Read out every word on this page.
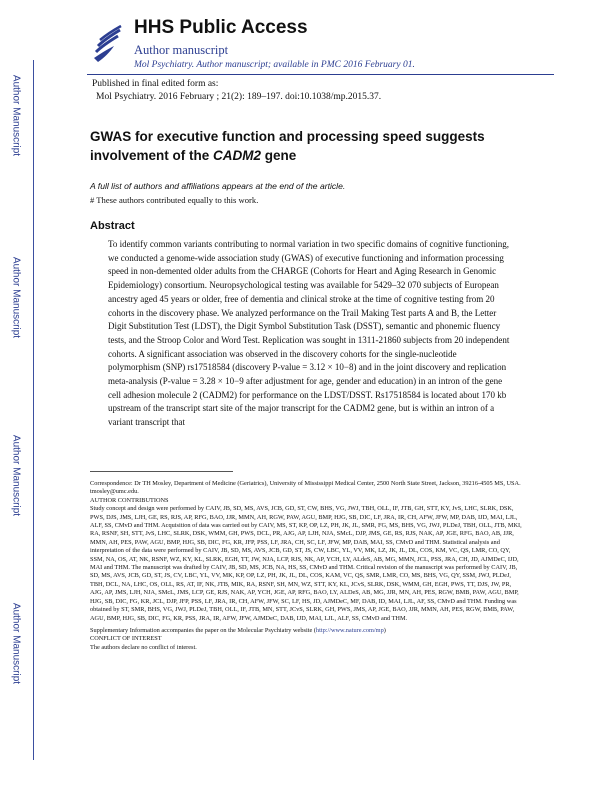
Author Manuscript
Author Manuscript
Author Manuscript
Author Manuscript
HHS Public Access
Author manuscript
Mol Psychiatry. Author manuscript; available in PMC 2016 February 01.
Published in final edited form as:
Mol Psychiatry. 2016 February ; 21(2): 189–197. doi:10.1038/mp.2015.37.
GWAS for executive function and processing speed suggests
involvement of the CADM2 gene
A full list of authors and affiliations appears at the end of the article.
# These authors contributed equally to this work.
Abstract

To identify common variants contributing to normal variation in two specific domains of cognitive functioning, we conducted a genome-wide association study (GWAS) of executive functioning and information processing speed in non-demented older adults from the CHARGE (Cohorts for Heart and Aging Research in Genomic Epidemiology) consortium. Neuropsychological testing was available for 5429–32 070 subjects of European ancestry aged 45 years or older, free of dementia and clinical stroke at the time of cognitive testing from 20 cohorts in the discovery phase. We analyzed performance on the Trail Making Test parts A and B, the Letter Digit Substitution Test (LDST), the Digit Symbol Substitution Task (DSST), semantic and phonemic fluency tests, and the Stroop Color and Word Test. Replication was sought in 1311-21860 subjects from 20 independent cohorts. A significant association was observed in the discovery cohorts for the single-nucleotide polymorphism (SNP) rs17518584 (discovery P-value = 3.12 × 10−8) and in the joint discovery and replication meta-analysis (P-value = 3.28 × 10−9 after adjustment for age, gender and education) in an intron of the gene cell adhesion molecule 2 (CADM2) for performance on the LDST/DSST. Rs17518584 is located about 170 kb upstream of the transcript start site of the major transcript for the CADM2 gene, but is within an intron of a variant transcript that

Correspondence: Dr TH Mosley, Department of Medicine (Geriatrics), University of Mississippi Medical Center, 2500 North State Street, Jackson, 39216-4505 MS, USA. tmosley@umc.edu.

AUTHOR CONTRIBUTIONS

Study concept and design were performed by CAIV, JB, SD, MS, AVS, JCB, GD, ST, CW, BHS, VG, JWJ, TBH, OLL, IF, JTB, GH, STT, KY, JvS, LHC, SLRK, DSK, PWS, DJS, JMS, LJH, GE, RS, RJS, AP, RFG, BAO, JJR, MMN, AH, RGW, PAW, AGU, BMP, HJG, SB, DIC, LF, JRA, IR, CH, AFW, JFW, MP, DAB, IJD, MAI, LJL, ALF, SS, CMvD and THM. Acquisition of data was carried out by CAIV, MS, ST, KP, OP, LZ, PH, JK, JL, SMR, FG, MS, BHS, VG, JWJ, PLDeJ, TBH, OLL, JTB, MKI, RA, RSNF, SH, STT, JvS, LHC, SLRK, DSK, WMM, GH, PWS, DCL, PR, AJG, AP, LJH, NJA, SMcL, DJP, JMS, GE, RS, RJS, NAK, AP, JGE, RFG, BAO, AB, JJR, MMN, AH, PES, PAW, AGU, BMP, HJG, SB, DIC, FG, KR, JFP, PSS, LF, JRA, CH, SC, LF, JFW, MP, DAB, MAI, SS, CMvD and THM. Statistical analysis and interpretation of the data were performed by CAIV, JB, SD, MS, AVS, JCB, GD, ST, JS, CW, LBC, YL, VV, MK, LZ, JK, JL, DL, COS, KM, VC, QS, LMR, CO, QY, SSM, NA, OS, AT, NK, RSNF, WZ, KY, KL, SLRK, EGH, TT, JW, NJA, LCP, RJS, NK, AP, YCH, LY, ALdeS, AB, MG, MMN, JCL, PSS, JRA, CH, JD, AJMDeC, IJD, MAI and THM. The manuscript was drafted by CAIV, JB, SD, MS, JCB, NA, HS, SS, CMvD and THM. Critical revision of the manuscript was performed by CAIV, JB, SD, MS, AVS, JCB, GD, ST, JS, CV, LBC, YL, VV, MK, KP, OP, LZ, PH, JK, JL, DL, COS, KAM, VC, QS, SMR, LMR, CO, MS, BHS, VG, QY, SSM, JWJ, PLDeJ, TBH, DCL, NA, LHC, OS, OLL, RS, AT, IF, NK, JTB, MIK, RA, RSNF, SH, MN, WZ, STT, KY, KL, JCvS, SLRK, DSK, WMM, GH, EGH, PWS, TT, DJS, JW, PR, AJG, AP, JMS, LJH, NJA, SMcL, JMS, LCP, GE, RJS, NAK, AP, YCH, JGE, AP, RFG, BAO, LY, ALDeS, AB, MG, JJR, MN, AH, PES, RGW, BMB, PAW, AGU, BMP, HJG, SB, DIC, FG, KR, JCL, DJP, JFP, PSS, LF, JRA, IR, CH, AFW, JFW, SC, LF, HS, JD, AJMDeC, MF, DAB, ID, MAI, LJL, AF, SS, CMvD and THM. Funding was obtained by ST, SMR, BHS, VG, JWJ, PLDeJ, TBH, OLL, IF, JTB, MN, STT, JCvS, SLRK, GH, PWS, JMS, AP, JGE, BAO, JJR, MMN, AH, PES, RGW, BMB, PAW, AGU, BMP, HJG, SB, DIC, FG, KR, PSS, JRA, IR, AFW, JFW, AJMDeC, DAB, IJD, MAI, LJL, ALF, SS, CMvD and THM.

Supplementary Information accompanies the paper on the Molecular Psychiatry website (http://www.nature.com/mp)

CONFLICT OF INTEREST

The authors declare no conflict of interest.
